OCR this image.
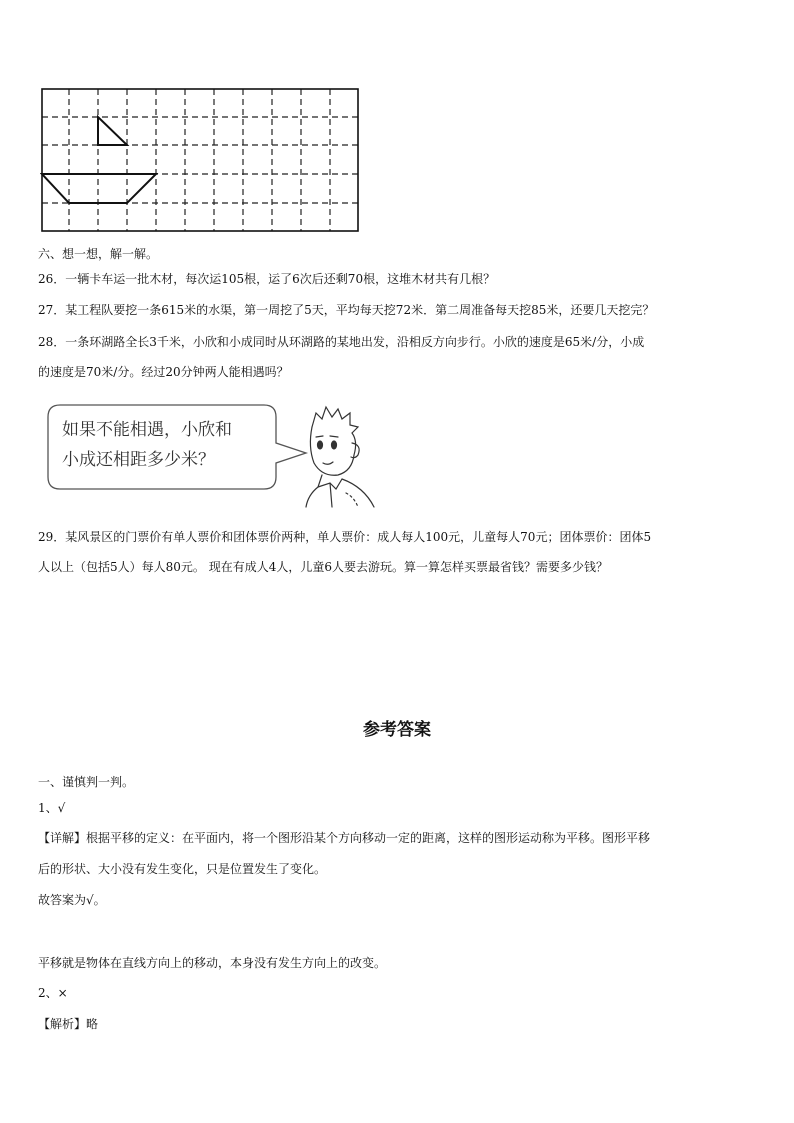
六、想一想，解一解。
26．一辆卡车运一批木材，每次运105根，运了6次后还剩70根，这堆木材共有几根？
27．某工程队要挖一条615米的水渠，第一周挖了5天，平均每天挖72米．第二周准备每天挖85米，还要几天挖完？
28．一条环湖路全长3千米，小欣和小成同时从环湖路的某地出发，沿相反方向步行。小欣的速度是65米/分，小成
的速度是70米/分。经过20分钟两人能相遇吗？
如果不能相遇，小欣和
小成还相距多少米？
29．某风景区的门票价有单人票价和团体票价两种，单人票价：成人每人100元，儿童每人70元；团体票价：团体5
人以上（包括5人）每人80元。 现在有成人4人，儿童6人要去游玩。算一算怎样买票最省钱？需要多少钱？
参考答案
一、谨慎判一判。
1、√
【详解】根据平移的定义：在平面内，将一个图形沿某个方向移动一定的距离，这样的图形运动称为平移。图形平移
后的形状、大小没有发生变化，只是位置发生了变化。
故答案为√。
平移就是物体在直线方向上的移动，本身没有发生方向上的改变。
2、×
【解析】略
